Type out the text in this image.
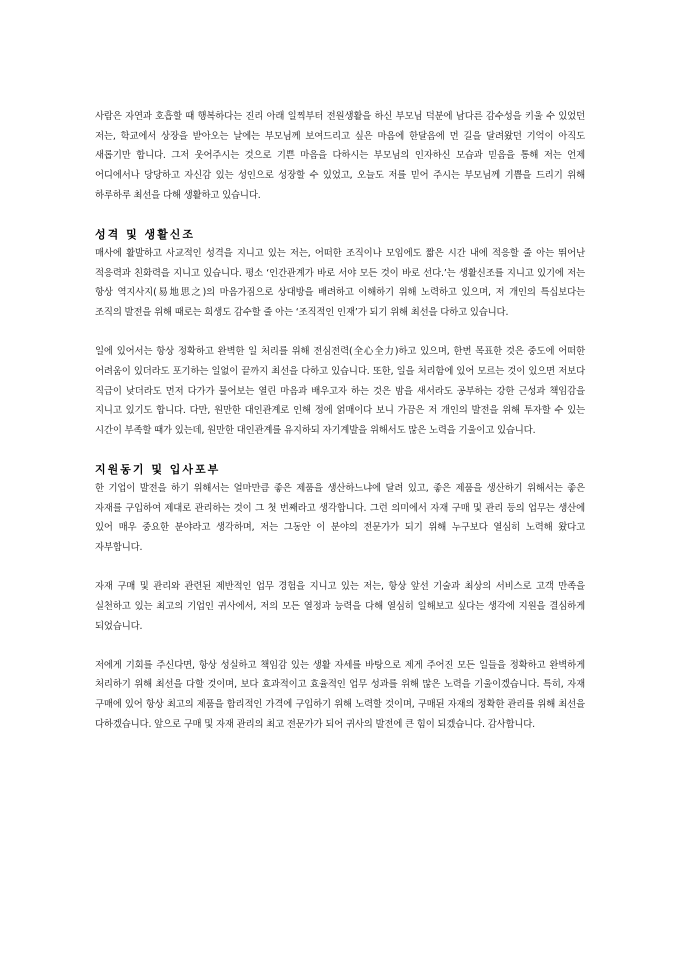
사람은 자연과 호흡할 때 행복하다는 진리 아래 일찍부터 전원생활을 하신 부모님 덕분에 남다른 감수성을 키울 수 있었던 저는, 학교에서 상장을 받아오는 날에는 부모님께 보여드리고 싶은 마음에 한달음에 먼 길을 달려왔던 기억이 아직도 새롭기만 합니다. 그저 웃어주시는 것으로 기쁜 마음을 다하시는 부모님의 인자하신 모습과 믿음을 통해 저는 언제 어디에서나 당당하고 자신감 있는 성인으로 성장할 수 있었고, 오늘도 저를 믿어 주시는 부모님께 기쁨을 드리기 위해 하루하루 최선을 다해 생활하고 있습니다.

성격 및 생활신조

매사에 활발하고 사교적인 성격을 지니고 있는 저는, 어떠한 조직이나 모임에도 짧은 시간 내에 적응할 줄 아는 뛰어난 적응력과 친화력을 지니고 있습니다. 평소 ‘인간관계가 바로 서야 모든 것이 바로 선다.’는 생활신조를 지니고 있기에 저는 항상 역지사지(易地思之)의 마음가짐으로 상대방을 배려하고 이해하기 위해 노력하고 있으며, 저 개인의 특십보다는 조직의 발전을 위해 때로는 희생도 감수할 줄 아는 ‘조직적인 인재’가 되기 위해 최선을 다하고 있습니다.

일에 있어서는 항상 정확하고 완벽한 일 처리를 위해 전심전력(全心全力)하고 있으며, 한번 목표한 것은 중도에 어떠한 어려움이 있더라도 포기하는 일없이 끝까지 최선을 다하고 있습니다. 또한, 일을 처리함에 있어 모르는 것이 있으면 저보다 직급이 낮더라도 먼저 다가가 물어보는 열린 마음과 배우고자 하는 것은 밤을 새서라도 공부하는 강한 근성과 책임감을 지니고 있기도 합니다. 다만, 원만한 대인관계로 인해 정에 얽매이다 보니 가끔은 저 개인의 발전을 위해 투자할 수 있는 시간이 부족할 때가 있는데, 원만한 대인관계를 유지하되 자기계발을 위해서도 많은 노력을 기울이고 있습니다.

지원동기 및 입사포부

한 기업이 발전을 하기 위해서는 얼마만큼 좋은 제품을 생산하느냐에 달려 있고, 좋은 제품을 생산하기 위해서는 좋은 자재를 구입하여 제대로 관리하는 것이 그 첫 번째라고 생각합니다. 그런 의미에서 자재 구매 및 관리 등의 업무는 생산에 있어 매우 중요한 분야라고 생각하며, 저는 그동안 이 분야의 전문가가 되기 위해 누구보다 열심히 노력해 왔다고 자부합니다.

자재 구매 및 관리와 관련된 제반적인 업무 경험을 지니고 있는 저는, 항상 앞선 기술과 최상의 서비스로 고객 만족을 실천하고 있는 최고의 기업인 귀사에서, 저의 모든 열정과 능력을 다해 열심히 일해보고 싶다는 생각에 지원을 결심하게 되었습니다.

저에게 기회를 주신다면, 항상 성실하고 책임감 있는 생활 자세를 바탕으로 제게 주어진 모든 일들을 정확하고 완벽하게 처리하기 위해 최선을 다할 것이며, 보다 효과적이고 효율적인 업무 성과를 위해 많은 노력을 기울이겠습니다. 특히, 자재 구매에 있어 항상 최고의 제품을 합리적인 가격에 구입하기 위해 노력할 것이며, 구매된 자재의 정확한 관리를 위해 최선을 다하겠습니다. 앞으로 구매 및 자재 관리의 최고 전문가가 되어 귀사의 발전에 큰 힘이 되겠습니다. 감사합니다.
